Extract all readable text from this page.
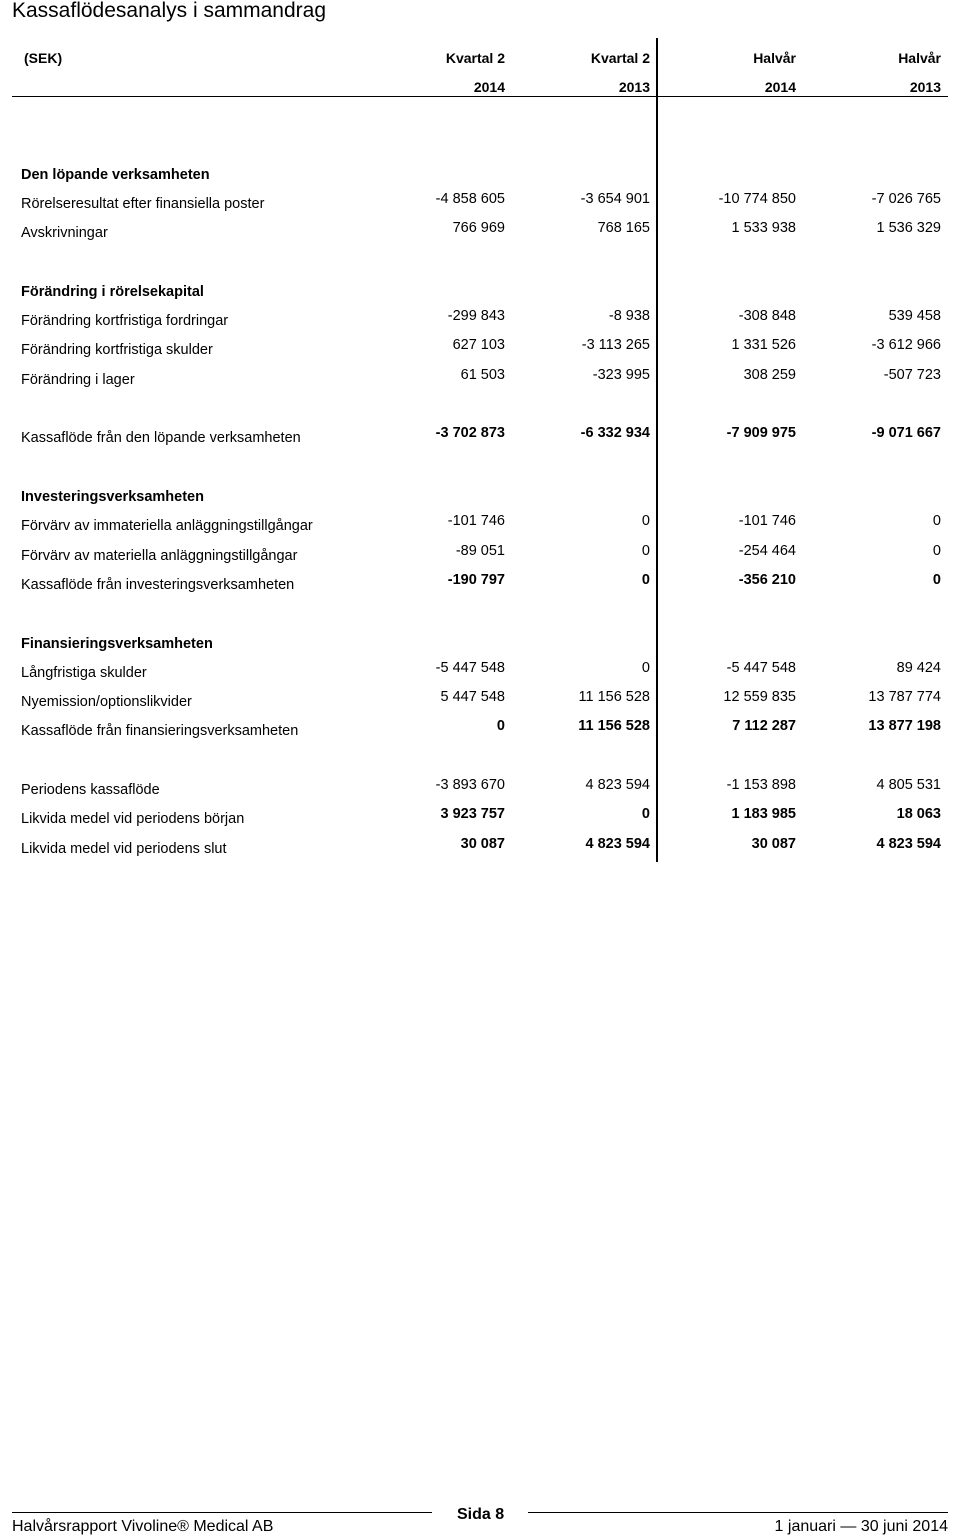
Kassaflödesanalys i sammandrag
(SEK)	Kvartal 2	Kvartal 2	Halvår	Halvår
2014	2013	2014	2013
Den löpande verksamheten
Rörelseresultat efter finansiella poster	-4 858 605	-3 654 901	-10 774 850	-7 026 765
Avskrivningar	766 969	768 165	1 533 938	1 536 329
Förändring i rörelsekapital
Förändring kortfristiga fordringar	-299 843	-8 938	-308 848	539 458
Förändring kortfristiga skulder	627 103	-3 113 265	1 331 526	-3 612 966
Förändring i lager	61 503	-323 995	308 259	-507 723
Kassaflöde från den löpande verksamheten	-3 702 873	-6 332 934	-7 909 975	-9 071 667
Investeringsverksamheten
Förvärv av immateriella anläggningstillgångar	-101 746	0	-101 746	0
Förvärv av materiella anläggningstillgångar	-89 051	0	-254 464	0
Kassaflöde från investeringsverksamheten	-190 797	0	-356 210	0
Finansieringsverksamheten
Långfristiga skulder	-5 447 548	0	-5 447 548	89 424
Nyemission/optionslikvider	5 447 548	11 156 528	12 559 835	13 787 774
Kassaflöde från finansieringsverksamheten	0	11 156 528	7 112 287	13 877 198
Periodens kassaflöde	-3 893 670	4 823 594	-1 153 898	4 805 531
Likvida medel vid periodens början	3 923 757	0	1 183 985	18 063
Likvida medel vid periodens slut	30 087	4 823 594	30 087	4 823 594
Halvårsrapport Vivoline® Medical AB
Sida 8
1 januari — 30 juni 2014
